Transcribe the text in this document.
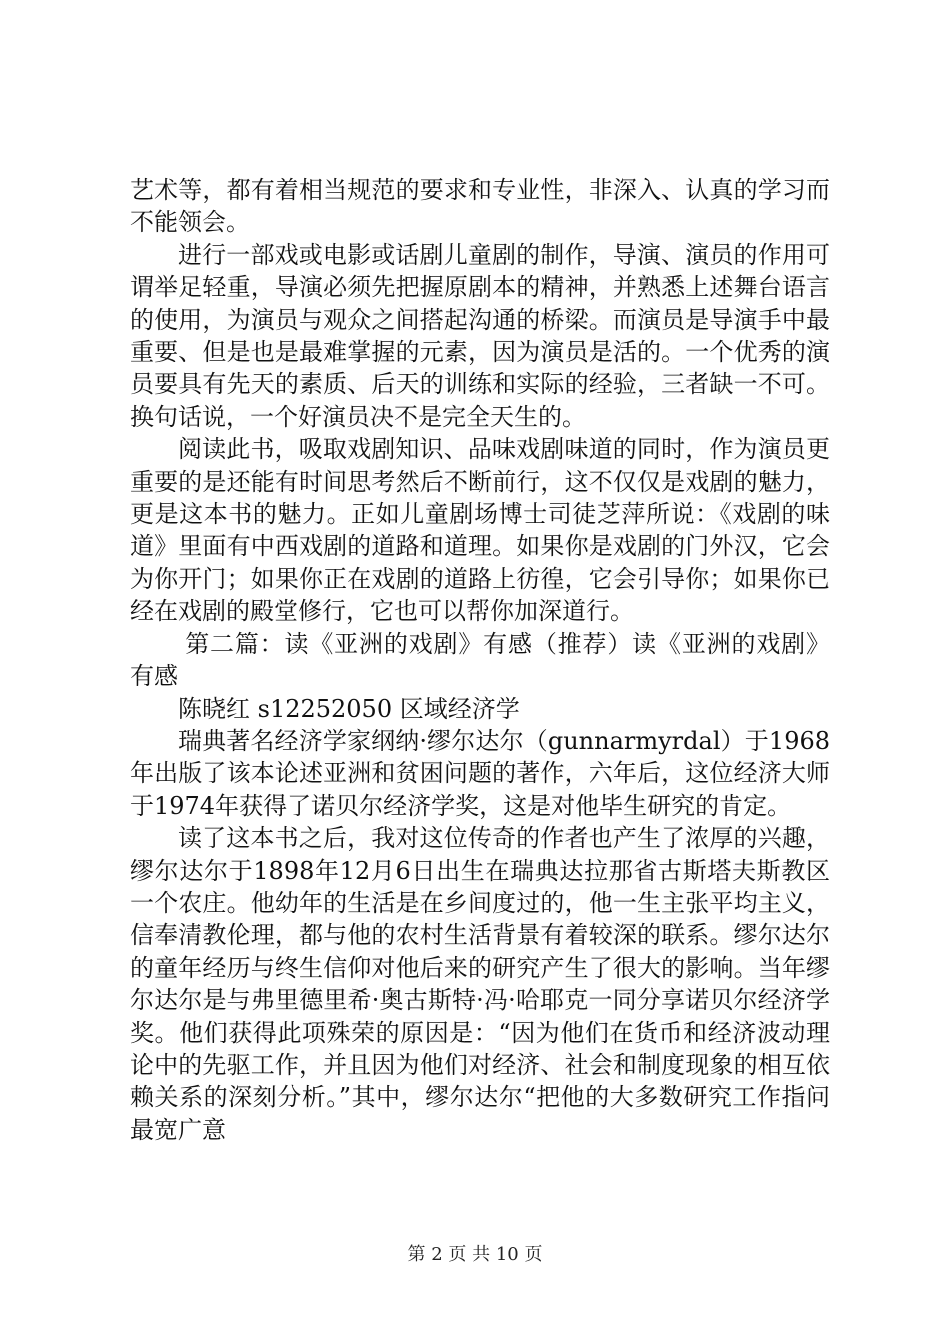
艺术等，都有着相当规范的要求和专业性，非深入、认真的学习而不能领会。

进行一部戏或电影或话剧儿童剧的制作，导演、演员的作用可谓举足轻重，导演必须先把握原剧本的精神，并熟悉上述舞台语言的使用，为演员与观众之间搭起沟通的桥梁。而演员是导演手中最重要、但是也是最难掌握的元素，因为演员是活的。一个优秀的演员要具有先天的素质、后天的训练和实际的经验，三者缺一不可。换句话说，一个好演员决不是完全天生的。

阅读此书，吸取戏剧知识、品味戏剧味道的同时，作为演员更重要的是还能有时间思考然后不断前行，这不仅仅是戏剧的魅力，更是这本书的魅力。正如儿童剧场博士司徒芝萍所说：《戏剧的味道》里面有中西戏剧的道路和道理。如果你是戏剧的门外汉，它会为你开门；如果你正在戏剧的道路上彷徨，它会引导你；如果你已经在戏剧的殿堂修行，它也可以帮你加深道行。

第二篇：读《亚洲的戏剧》有感（推荐）读《亚洲的戏剧》有感

陈晓红 s12252050 区域经济学

瑞典著名经济学家纲纳·缪尔达尔（gunnarmyrdal）于1968年出版了该本论述亚洲和贫困问题的著作，六年后，这位经济大师于1974年获得了诺贝尔经济学奖，这是对他毕生研究的肯定。

读了这本书之后，我对这位传奇的作者也产生了浓厚的兴趣，缪尔达尔于1898年12月6日出生在瑞典达拉那省古斯塔夫斯教区一个农庄。他幼年的生活是在乡间度过的，他一生主张平均主义，信奉清教伦理，都与他的农村生活背景有着较深的联系。缪尔达尔的童年经历与终生信仰对他后来的研究产生了很大的影响。当年缪尔达尔是与弗里德里希·奥古斯特·冯·哈耶克一同分享诺贝尔经济学奖。他们获得此项殊荣的原因是：“因为他们在货币和经济波动理论中的先驱工作，并且因为他们对经济、社会和制度现象的相互依赖关系的深刻分析。”其中，缪尔达尔“把他的大多数研究工作指问最宽广意

第 2 页 共 10 页
